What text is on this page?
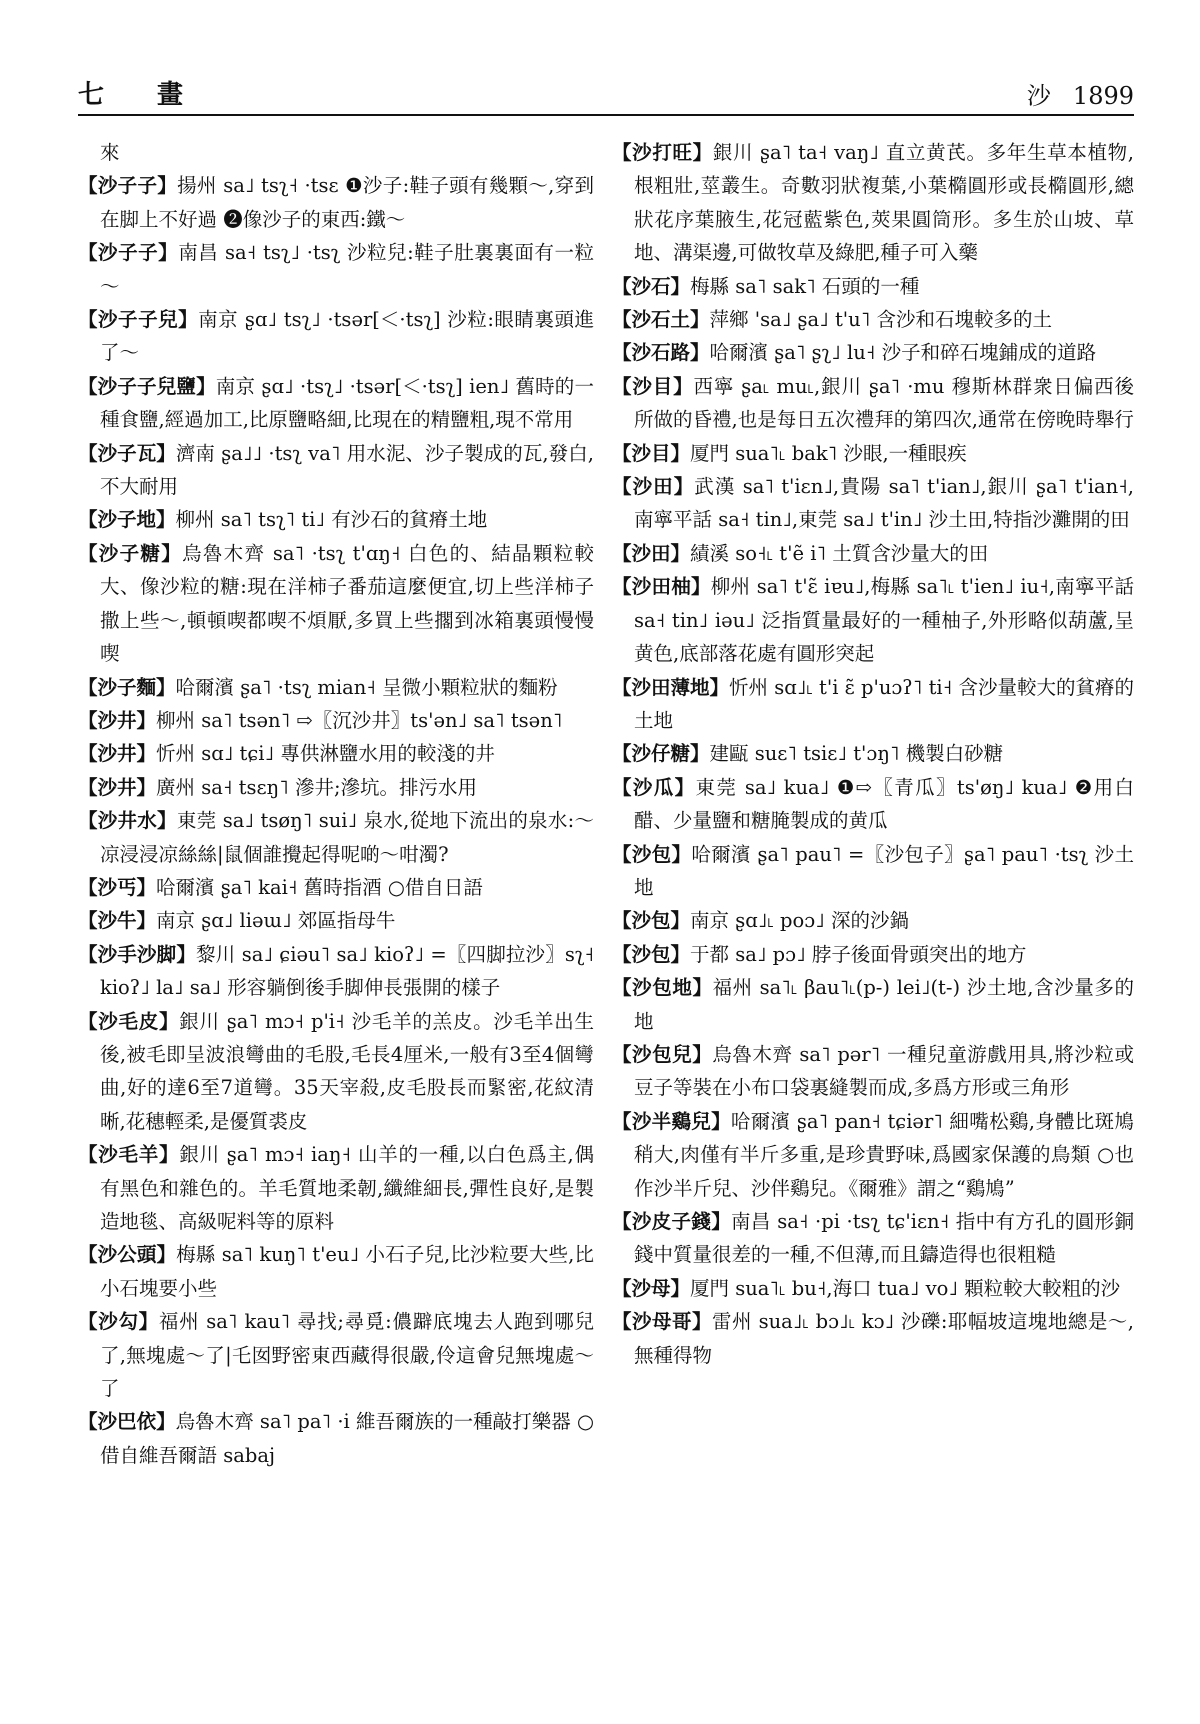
七 畫	沙 1899
來
【沙子子】揚州 sa˩ tsʅ˧ ·tsɛ ❶沙子:鞋子頭有幾顆～,穿到在脚上不好過 ❷像沙子的東西:鐵～
【沙子子】南昌 sa˧ tsʅ˩ ·tsʅ 沙粒兒:鞋子肚裏裏面有一粒～
【沙子子兒】南京 ʂɑ˩ tsʅ˩ ·tsər[＜·tsʅ] 沙粒:眼睛裏頭進了～
【沙子子兒鹽】南京 ʂɑ˩ ·tsʅ˩ ·tsər[＜·tsʅ] ien˩ 舊時的一種食鹽,經過加工,比原鹽略細,比現在的精鹽粗,現不常用
【沙子瓦】濟南 ʂa˩˩ ·tsʅ va˥ 用水泥、沙子製成的瓦,發白,不大耐用
【沙子地】柳州 sa˥ tsʅ˥ ti˩ 有沙石的貧瘠土地
【沙子糖】烏魯木齊 sa˥ ·tsʅ t'ɑŋ˧ 白色的、結晶顆粒較大、像沙粒的糖:現在洋柿子番茄這麼便宜,切上些洋柿子撒上些～,頓頓喫都喫不煩厭,多買上些擱到冰箱裏頭慢慢喫
【沙子麵】哈爾濱 ʂa˥ ·tsʅ mian˧ 呈微小顆粒狀的麵粉
【沙井】柳州 sa˥ tsən˥ ⇨〖沉沙井〗ts'ən˩ sa˥ tsən˥
【沙井】忻州 sɑ˩ tɕi˩ 專供淋鹽水用的較淺的井
【沙井】廣州 sa˧ tsɛŋ˥ 滲井;滲坑。排污水用
【沙井水】東莞 sa˩ tsøŋ˥ sui˩ 泉水,從地下流出的泉水:～凉浸浸凉絲絲|鼠個誰攪起得呢啲～咁濁?
【沙丐】哈爾濱 ʂa˥ kai˧ 舊時指酒 ○借自日語
【沙牛】南京 ʂɑ˩ liəɯ˩ 郊區指母牛
【沙手沙脚】黎川 sa˩ ɕiəu˥ sa˩ kioʔ˩ =〖四脚拉沙〗sʅ˧ kioʔ˩ la˩ sa˩ 形容躺倒後手脚伸長張開的樣子
【沙毛皮】銀川 ʂa˥ mɔ˧ p'i˧ 沙毛羊的羔皮。沙毛羊出生後,被毛即呈波浪彎曲的毛股,毛長4厘米,一般有3至4個彎曲,好的達6至7道彎。35天宰殺,皮毛股長而緊密,花紋清晰,花穗輕柔,是優質裘皮
【沙毛羊】銀川 ʂa˥ mɔ˧ iaŋ˧ 山羊的一種,以白色爲主,偶有黑色和雜色的。羊毛質地柔韌,纖維細長,彈性良好,是製造地毯、高級呢料等的原料
【沙公頭】梅縣 sa˥ kuŋ˥ t'eu˩ 小石子兒,比沙粒要大些,比小石塊要小些
【沙勾】福州 sa˥ kau˥ 尋找;尋覓:儂躃底塊去人跑到哪兒了,無塊處～了|乇囡野密東西藏得很嚴,伶這會兒無塊處～了
【沙巴依】烏魯木齊 sa˥ pa˥ ·i 維吾爾族的一種敲打樂器 ○借自維吾爾語 sabaj
【沙打旺】銀川 ʂa˥ ta˧ vaŋ˩ 直立黄芪。多年生草本植物,根粗壯,莖叢生。奇數羽狀複葉,小葉橢圓形或長橢圓形,總狀花序葉腋生,花冠藍紫色,莢果圓筒形。多生於山坡、草地、溝渠邊,可做牧草及綠肥,種子可入藥
【沙石】梅縣 sa˥ sak˥ 石頭的一種
【沙石土】萍鄉 'sa˩ ʂa˩ t'u˥ 含沙和石塊較多的土
【沙石路】哈爾濱 ʂa˥ ʂʅ˩ lu˧ 沙子和碎石塊鋪成的道路
【沙目】西寧 ʂa˪ mu˪,銀川 ʂa˥ ·mu 穆斯林群衆日偏西後所做的昏禮,也是每日五次禮拜的第四次,通常在傍晚時舉行
【沙目】厦門 sua˥˪ bak˥ 沙眼,一種眼疾
【沙田】武漢 sa˥ t'iɛn˩,貴陽 sa˥ t'ian˩,銀川 ʂa˥ t'ian˧,南寧平話 sa˧ tin˩,東莞 sa˩ t'in˩ 沙土田,特指沙灘開的田
【沙田】績溪 so˧˪ t'ẽ i˥ 土質含沙量大的田
【沙田柚】柳州 sa˥ t'ɛ̃ iɐu˩,梅縣 sa˥˪ t'ien˩ iu˧,南寧平話 sa˧ tin˩ iəu˩ 泛指質量最好的一種柚子,外形略似葫蘆,呈黄色,底部落花處有圓形突起
【沙田薄地】忻州 sɑ˩˪ t'i ɛ̃ p'uɔʔ˥ ti˧ 含沙量較大的貧瘠的土地
【沙仔糖】建甌 suɛ˥ tsiɛ˩ t'ɔŋ˥ 機製白砂糖
【沙瓜】東莞 sa˩ kua˩ ❶⇨〖青瓜〗ts'øŋ˩ kua˩ ❷用白醋、少量鹽和糖腌製成的黄瓜
【沙包】哈爾濱 ʂa˥ pau˥ =〖沙包子〗ʂa˥ pau˥ ·tsʅ 沙土地
【沙包】南京 ʂɑ˩˪ poɔ˩ 深的沙鍋
【沙包】于都 sa˩ pɔ˩ 脖子後面骨頭突出的地方
【沙包地】福州 sa˥˪ βau˥˪(p-) lei˩(t-) 沙土地,含沙量多的地
【沙包兒】烏魯木齊 sa˥ pər˥ 一種兒童游戲用具,將沙粒或豆子等裝在小布口袋裏縫製而成,多爲方形或三角形
【沙半鷄兒】哈爾濱 ʂa˥ pan˧ tɕiər˥ 細嘴松鷄,身體比斑鳩稍大,肉僅有半斤多重,是珍貴野味,爲國家保護的鳥類 ○也作沙半斤兒、沙伴鷄兒。《爾雅》謂之“鷄鳩”
【沙皮子錢】南昌 sa˧ ·pi ·tsʅ tɕ'iɛn˧ 指中有方孔的圓形銅錢中質量很差的一種,不但薄,而且鑄造得也很粗糙
【沙母】厦門 sua˥˪ bu˧,海口 tua˩ vo˩ 顆粒較大較粗的沙
【沙母哥】雷州 sua˩˪ bɔ˩˪ kɔ˩ 沙礫:耶幅坡這塊地總是～,無種得物
